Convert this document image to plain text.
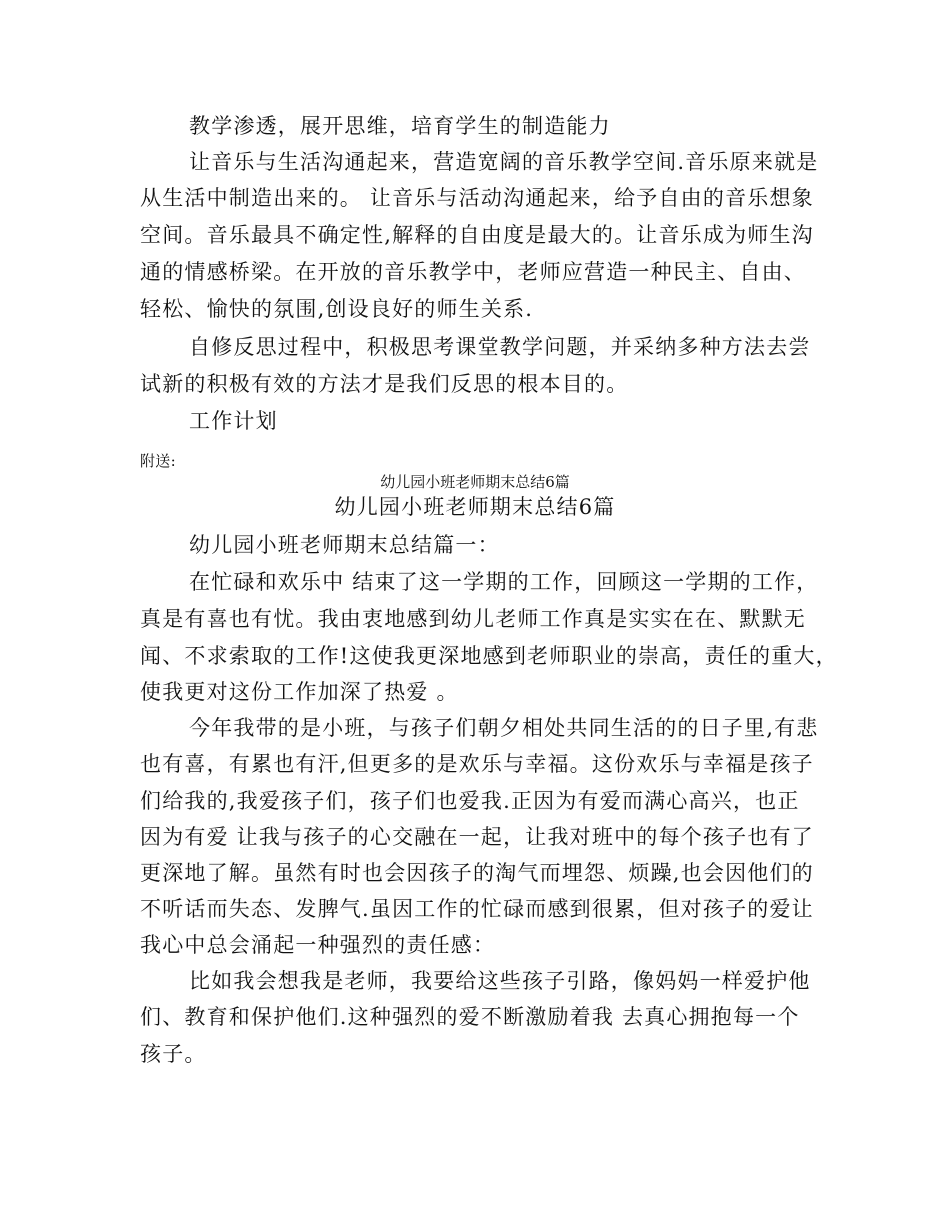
教学渗透，展开思维，培育学生的制造能力
让音乐与生活沟通起来，营造宽阔的音乐教学空间.音乐原来就是
从生活中制造出来的。 让音乐与活动沟通起来，给予自由的音乐想象
空间。音乐最具不确定性,解释的自由度是最大的。让音乐成为师生沟
通的情感桥梁。在开放的音乐教学中，老师应营造一种民主、自由、
轻松、愉快的氛围,创设良好的师生关系.
自修反思过程中，积极思考课堂教学问题，并采纳多种方法去尝
试新的积极有效的方法才是我们反思的根本目的。
工作计划
附送:
幼儿园小班老师期末总结6篇
幼儿园小班老师期末总结6篇
幼儿园小班老师期末总结篇一：
在忙碌和欢乐中 结束了这一学期的工作，回顾这一学期的工作，
真是有喜也有忧。我由衷地感到幼儿老师工作真是实实在在、默默无
闻、不求索取的工作!这使我更深地感到老师职业的崇高，责任的重大，
使我更对这份工作加深了热爱 。
今年我带的是小班，与孩子们朝夕相处共同生活的的日子里,有悲
也有喜，有累也有汗,但更多的是欢乐与幸福。这份欢乐与幸福是孩子
们给我的,我爱孩子们，孩子们也爱我.正因为有爱而满心高兴，也正
因为有爱 让我与孩子的心交融在一起，让我对班中的每个孩子也有了
更深地了解。虽然有时也会因孩子的淘气而埋怨、烦躁,也会因他们的
不听话而失态、发脾气.虽因工作的忙碌而感到很累，但对孩子的爱让
我心中总会涌起一种强烈的责任感：
比如我会想我是老师，我要给这些孩子引路，像妈妈一样爱护他
们、教育和保护他们.这种强烈的爱不断激励着我 去真心拥抱每一个
孩子。
